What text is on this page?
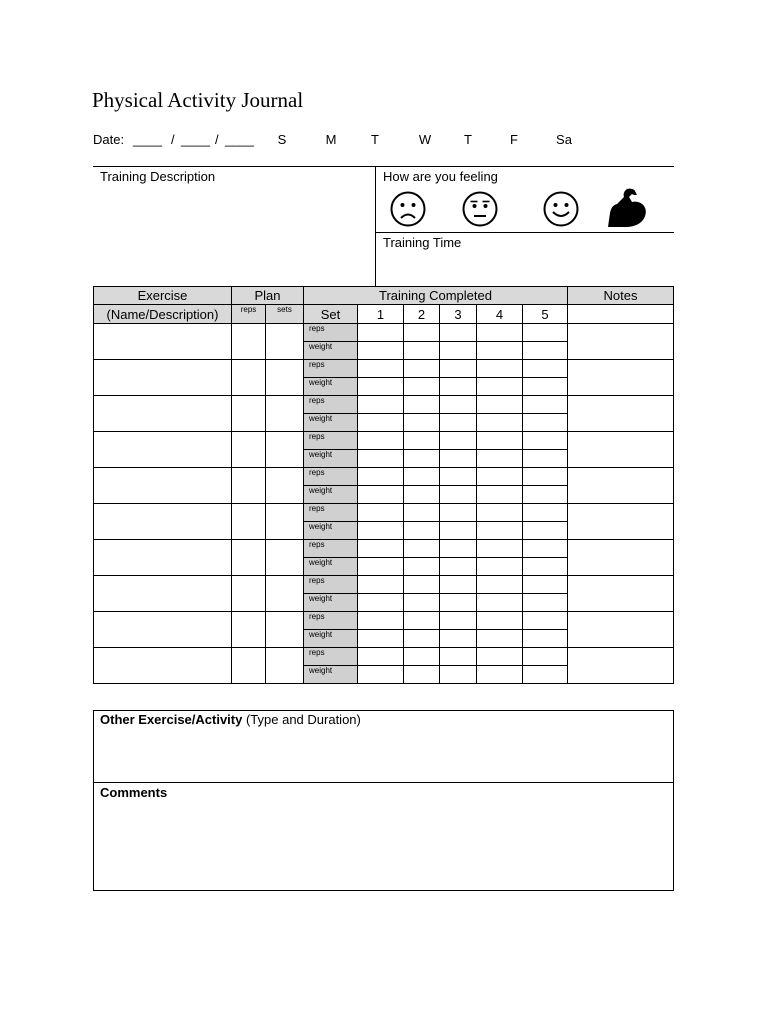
Physical Activity Journal
Date: ____ / ____ / ____	S	M	T	W	T	F	Sa
Training Description	How are you feeling
Training Time
Exercise	Plan		Training Completed						Notes
(Name/Description)	reps	sets	Set	1	2	3	4	5	
			reps						
			weight						
			reps						
			weight						
			reps						
			weight						
			reps						
			weight						
			reps						
			weight						
			reps						
			weight						
			reps						
			weight						
			reps						
			weight						
			reps						
			weight						
			reps						
			weight						
Other Exercise/Activity (Type and Duration)
Comments
